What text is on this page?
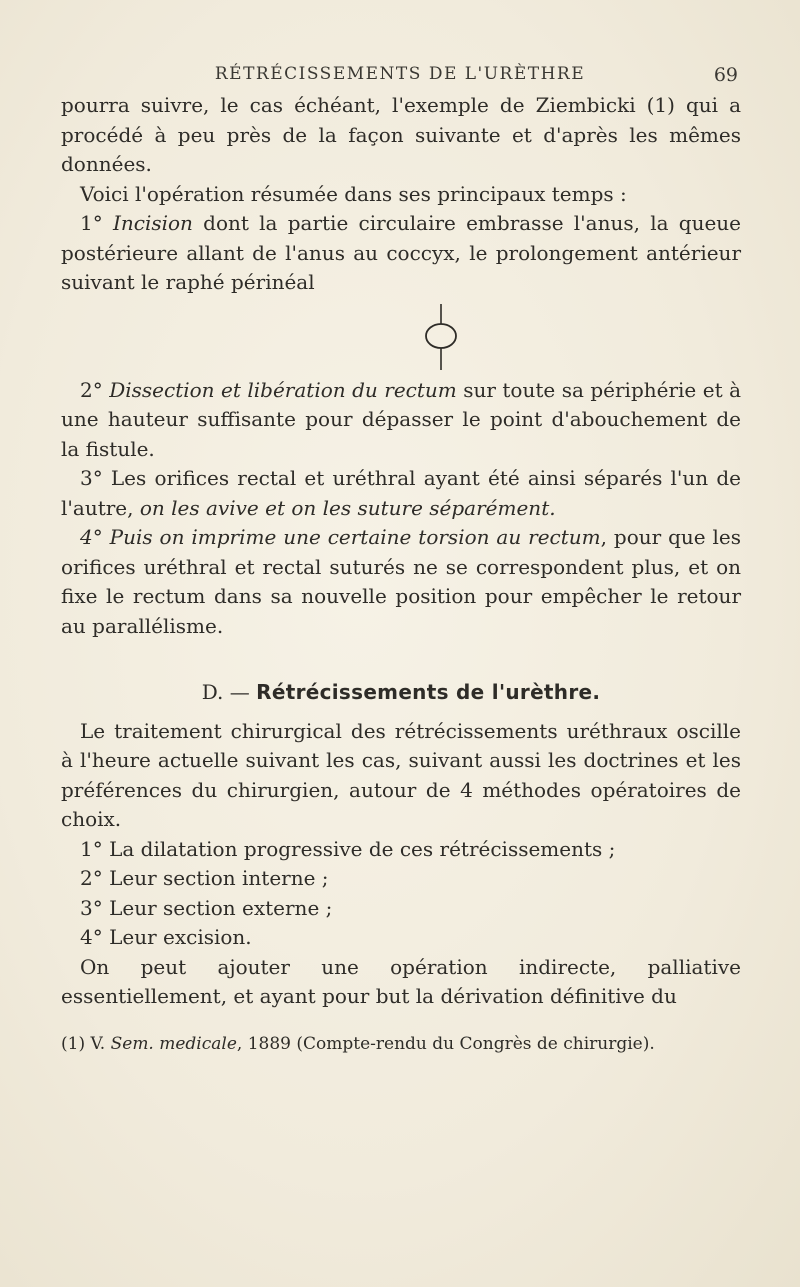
RÉTRÉCISSEMENTS DE L'URÈTHRE	69

pourra suivre, le cas échéant, l'exemple de Ziembicki (1) qui a procédé à peu près de la façon suivante et d'après les mêmes données.

Voici l'opération résumée dans ses principaux temps :

1° Incision dont la partie circulaire embrasse l'anus, la queue postérieure allant de l'anus au coccyx, le prolongement antérieur suivant le raphé périnéal

2° Dissection et libération du rectum sur toute sa périphérie et à une hauteur suffisante pour dépasser le point d'abouchement de la fistule.

3° Les orifices rectal et uréthral ayant été ainsi séparés l'un de l'autre, on les avive et on les suture séparément.

4° Puis on imprime une certaine torsion au rectum, pour que les orifices uréthral et rectal suturés ne se correspondent plus, et on fixe le rectum dans sa nouvelle position pour empêcher le retour au parallélisme.

D. — Rétrécissements de l'urèthre.

Le traitement chirurgical des rétrécissements uréthraux oscille à l'heure actuelle suivant les cas, suivant aussi les doctrines et les préférences du chirurgien, autour de 4 méthodes opératoires de choix.

1° La dilatation progressive de ces rétrécissements ;

2° Leur section interne ;

3° Leur section externe ;

4° Leur excision.

On peut ajouter une opération indirecte, palliative essentiellement, et ayant pour but la dérivation définitive du

(1) V. Sem. medicale, 1889 (Compte-rendu du Congrès de chirurgie).
